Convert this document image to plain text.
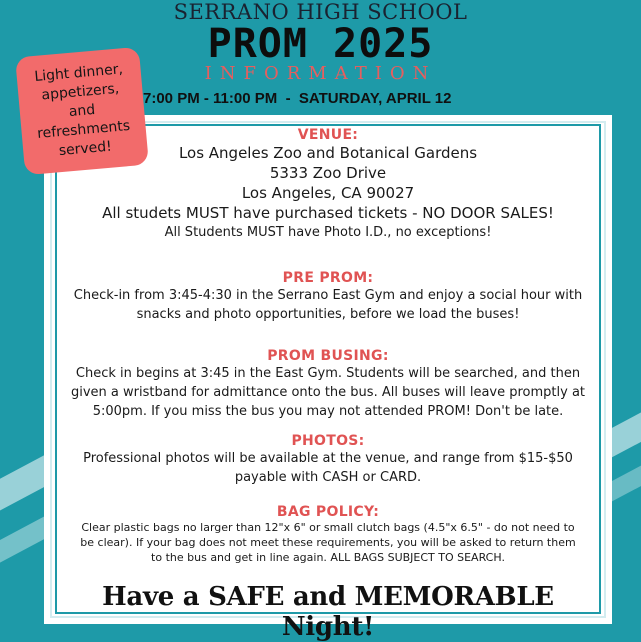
SERRANO HIGH SCHOOL
PROM 2025
INFORMATION
7:00 PM - 11:00 PM - SATURDAY, APRIL 12
Light dinner,
appetizers,
and
refreshments
served!
VENUE:

Los Angeles Zoo and Botanical Gardens

5333 Zoo Drive

Los Angeles, CA 90027

All studets MUST have purchased tickets - NO DOOR SALES!

All Students MUST have Photo I.D., no exceptions!

PRE PROM:
Check-in from 3:45-4:30 in the Serrano East Gym and enjoy a social hour with
snacks and photo opportunities, before we load the buses!
PROM BUSING:
Check in begins at 3:45 in the East Gym. Students will be searched, and then
given a wristband for admittance onto the bus. All buses will leave promptly at
5:00pm. If you miss the bus you may not attended PROM! Don't be late.
PHOTOS:
Professional photos will be available at the venue, and range from $15-$50
payable with CASH or CARD.
BAG POLICY:
Clear plastic bags no larger than 12"x 6" or small clutch bags (4.5"x 6.5" - do not need to
be clear). If your bag does not meet these requirements, you will be asked to return them
to the bus and get in line again. ALL BAGS SUBJECT TO SEARCH.
Have a SAFE and MEMORABLE Night!
